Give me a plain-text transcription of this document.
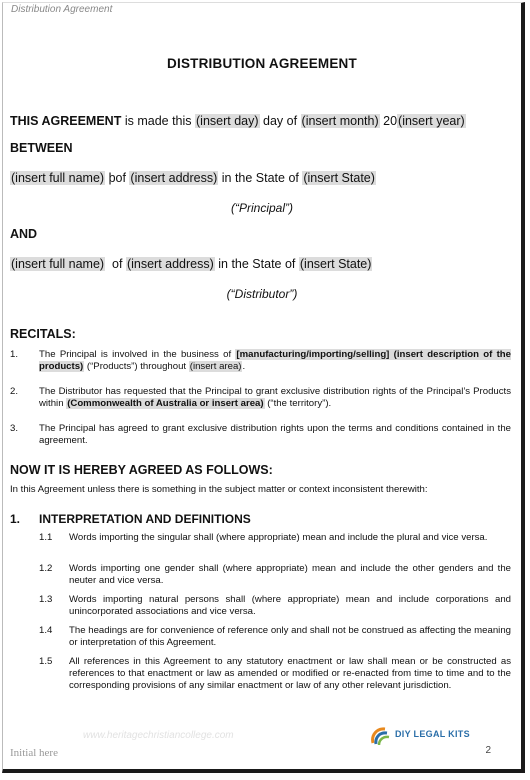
Distribution Agreement
DISTRIBUTION AGREEMENT
THIS AGREEMENT is made this (insert day) day of (insert month) 20(insert year)
BETWEEN
(insert full name) þof (insert address) in the State of (insert State)
(“Principal”)
AND
(insert full name)  of (insert address) in the State of (insert State)
(“Distributor”)
RECITALS:
1. The Principal is involved in the business of [manufacturing/importing/selling] (insert description of the products) (“Products”) throughout (insert area).
2. The Distributor has requested that the Principal to grant exclusive distribution rights of the Principal’s Products within (Commonwealth of Australia or insert area) (“the territory”).
3. The Principal has agreed to grant exclusive distribution rights upon the terms and conditions contained in the agreement.
NOW IT IS HEREBY AGREED AS FOLLOWS:
In this Agreement unless there is something in the subject matter or context inconsistent therewith:
1. INTERPRETATION AND DEFINITIONS
1.1 Words importing the singular shall (where appropriate) mean and include the plural and vice versa.
1.2 Words importing one gender shall (where appropriate) mean and include the other genders and the neuter and vice versa.
1.3 Words importing natural persons shall (where appropriate) mean and include corporations and unincorporated associations and vice versa.
1.4 The headings are for convenience of reference only and shall not be construed as affecting the meaning or interpretation of this Agreement.
1.5 All references in this Agreement to any statutory enactment or law shall mean or be constructed as references to that enactment or law as amended or modified or re-enacted from time to time and to the corresponding provisions of any similar enactment or law of any other relevant jurisdiction.
www.heritagechristiancollege.com	DIY LEGAL KITS

Initial here	2
